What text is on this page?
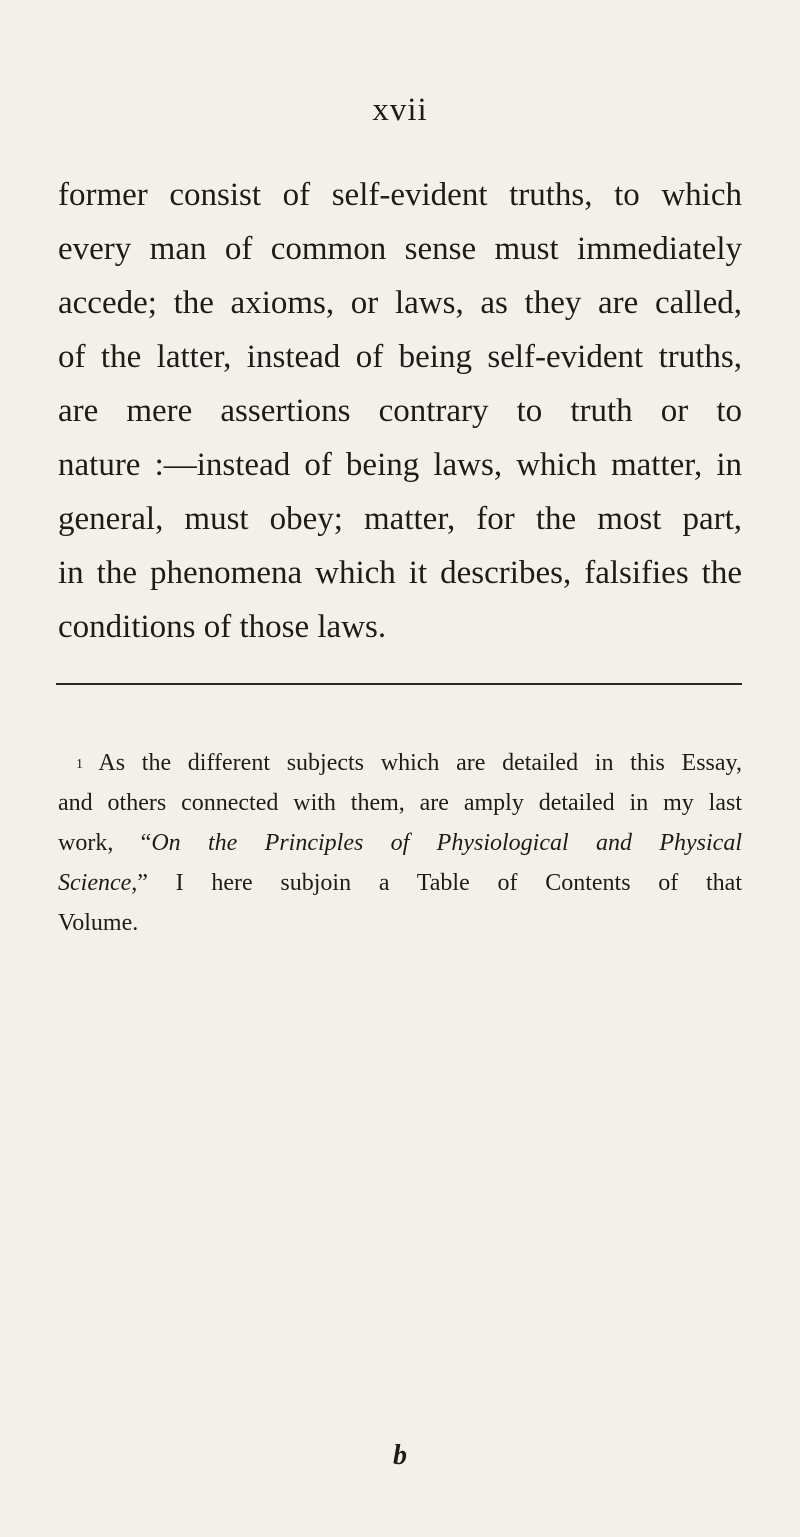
xvii
former consist of self-evident truths, to which
every man of common sense must immediately
accede; the axioms, or laws, as they are called,
of the latter, instead of being self-evident truths,
are mere assertions contrary to truth or to
nature :—instead of being laws, which matter, in
general, must obey; matter, for the most part,
in the phenomena which it describes, falsifies the
conditions of those laws.
$^1$ As the different subjects which are detailed in this Essay,
and others connected with them, are amply detailed in my last
work, “On the Principles of Physiological and Physical
Science,” I here subjoin a Table of Contents of that
Volume.
b
